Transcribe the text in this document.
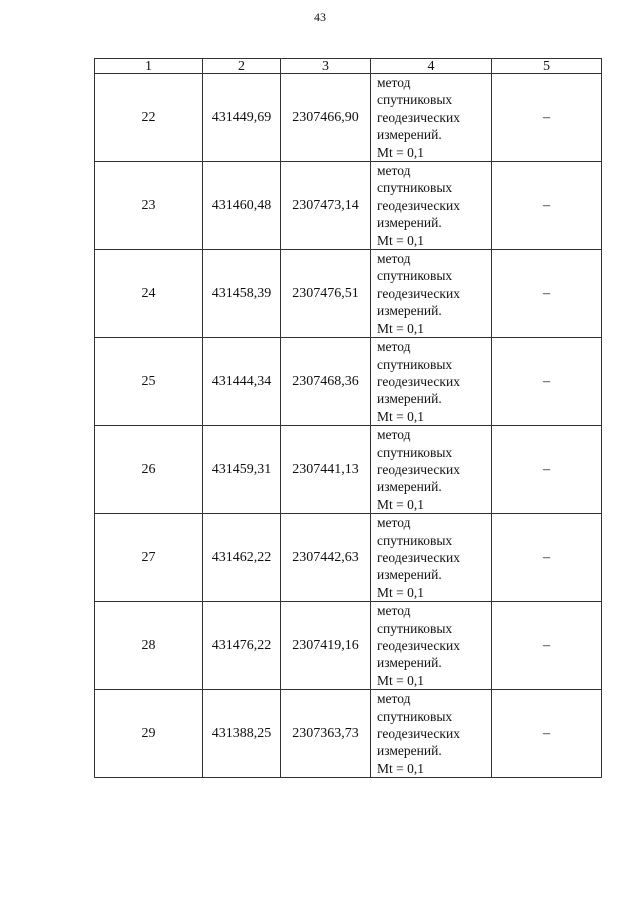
43
1	2	3	4	5
22	431449,69	2307466,90	метод
спутниковых
геодезических
измерений.
Mt = 0,1	–
23	431460,48	2307473,14	метод
спутниковых
геодезических
измерений.
Mt = 0,1	–
24	431458,39	2307476,51	метод
спутниковых
геодезических
измерений.
Mt = 0,1	–
25	431444,34	2307468,36	метод
спутниковых
геодезических
измерений.
Mt = 0,1	–
26	431459,31	2307441,13	метод
спутниковых
геодезических
измерений.
Mt = 0,1	–
27	431462,22	2307442,63	метод
спутниковых
геодезических
измерений.
Mt = 0,1	–
28	431476,22	2307419,16	метод
спутниковых
геодезических
измерений.
Mt = 0,1	–
29	431388,25	2307363,73	метод
спутниковых
геодезических
измерений.
Mt = 0,1	–
